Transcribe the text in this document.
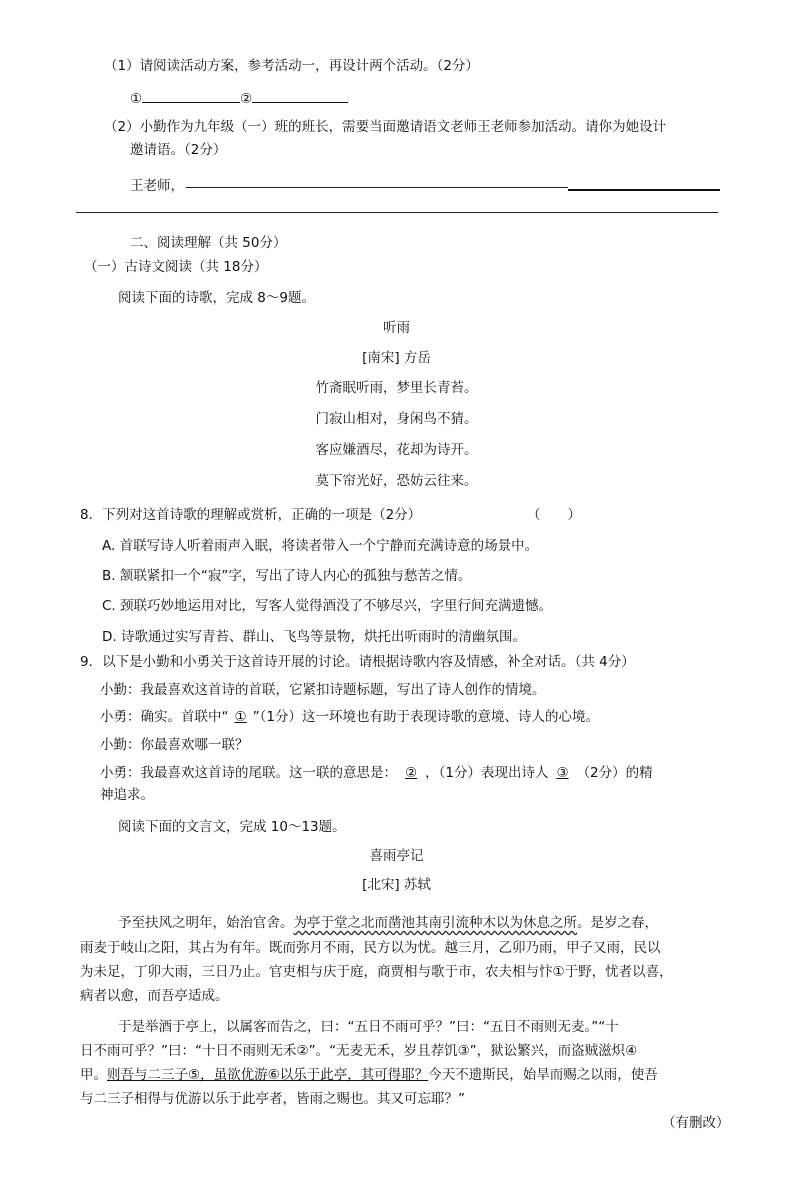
（1）请阅读活动方案，参考活动一，再设计两个活动。（2分）
①	②
（2）小勤作为九年级（一）班的班长，需要当面邀请语文老师王老师参加活动。请你为她设计
邀请语。（2分）
王老师，
二、阅读理解（共 50分）
（一）古诗文阅读（共 18分）
阅读下面的诗歌，完成 8～9题。
听雨
[南宋] 方岳
竹斋眠听雨，梦里长青苔。
门寂山相对，身闲鸟不猜。
客应嫌酒尽，花却为诗开。
莫下帘光好，恐妨云往来。
8．下列对这首诗歌的理解或赏析，正确的一项是（2分）	（　　）
A. 首联写诗人听着雨声入眠，将读者带入一个宁静而充满诗意的场景中。
B. 颔联紧扣一个“寂”字，写出了诗人内心的孤独与愁苦之情。
C. 颈联巧妙地运用对比，写客人觉得酒没了不够尽兴，字里行间充满遗憾。
D. 诗歌通过实写青苔、群山、飞鸟等景物，烘托出听雨时的清幽氛围。
9．以下是小勤和小勇关于这首诗开展的讨论。请根据诗歌内容及情感，补全对话。（共 4分）
小勤：我最喜欢这首诗的首联，它紧扣诗题标题，写出了诗人创作的情境。
小勇：确实。首联中“ ① ”（1分）这一环境也有助于表现诗歌的意境、诗人的心境。
小勤：你最喜欢哪一联？
小勇：我最喜欢这首诗的尾联。这一联的意思是： ② ，（1分）表现出诗人 ③ （2分）的精
神追求。
阅读下面的文言文，完成 10～13题。
喜雨亭记
[北宋] 苏轼
予至扶风之明年，始治官舍。为亭于堂之北而凿池其南引流种木以为休息之所。是岁之春，
雨麦于岐山之阳，其占为有年。既而弥月不雨，民方以为忧。越三月，乙卯乃雨，甲子又雨，民以
为未足，丁卯大雨，三日乃止。官吏相与庆于庭，商贾相与歌于市，农夫相与忭①于野，忧者以喜，
病者以愈，而吾亭适成。
于是举酒于亭上，以属客而告之，曰：“五日不雨可乎？”曰：“五日不雨则无麦。”“十
日不雨可乎？”曰：“十日不雨则无禾②”。“无麦无禾，岁且荐饥③”，狱讼繁兴，而盗贼滋炽④
甲。则吾与二三子⑤，虽欲优游⑥以乐于此亭，其可得耶？今天不遗斯民，始旱而赐之以雨，使吾
与二三子相得与优游以乐于此亭者，皆雨之赐也。其又可忘耶？”
（有删改）
